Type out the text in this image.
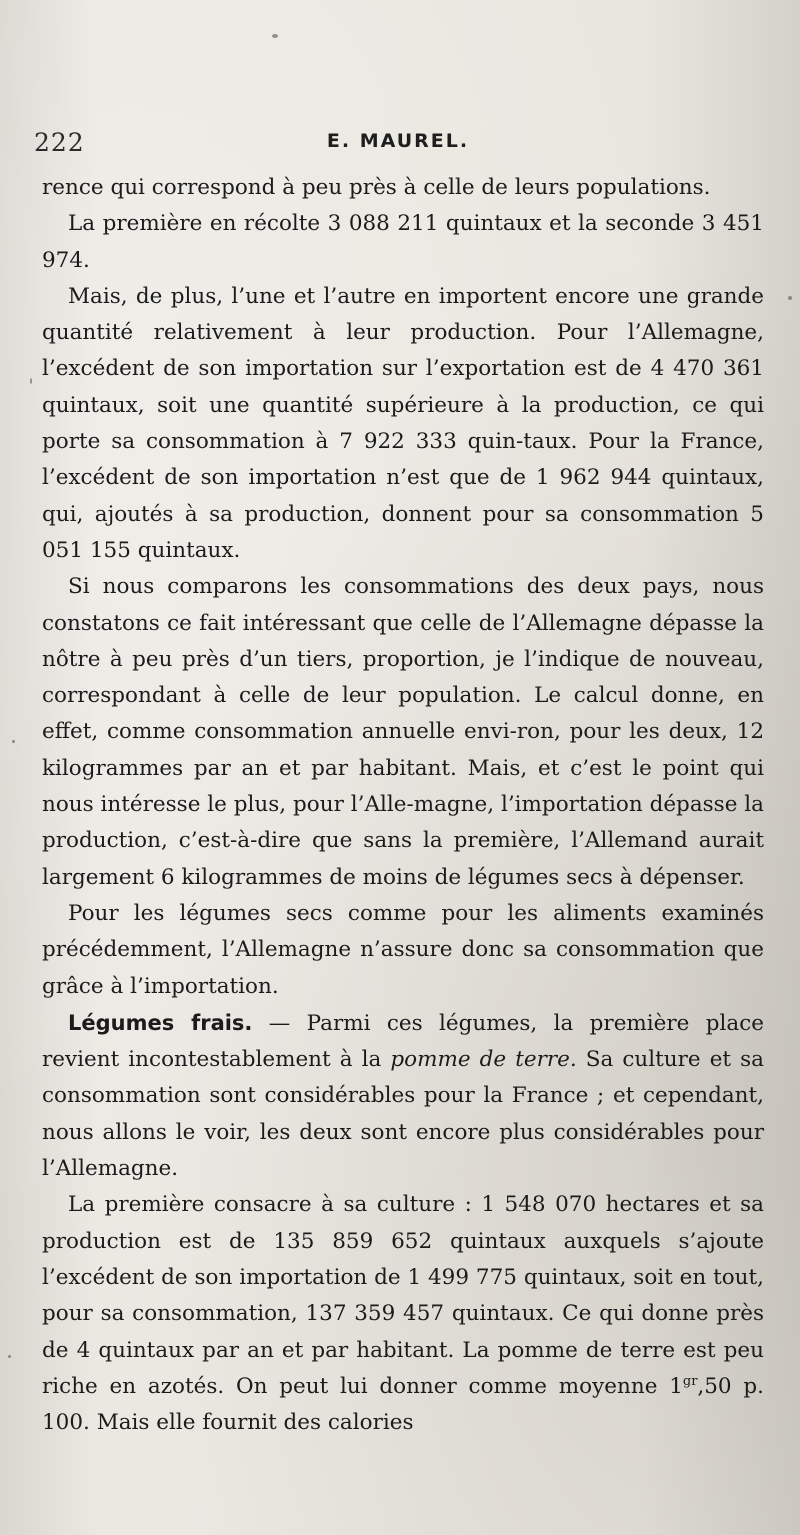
222	E. MAUREL.

rence qui correspond à peu près à celle de leurs populations.

La première en récolte 3 088 211 quintaux et la seconde 3 451 974.

Mais, de plus, l’une et l’autre en importent encore une grande quantité relativement à leur production. Pour l’Allemagne, l’excédent de son importation sur l’exportation est de 4 470 361 quintaux, soit une quantité supérieure à la production, ce qui porte sa consommation à 7 922 333 quin-taux. Pour la France, l’excédent de son importation n’est que de 1 962 944 quintaux, qui, ajoutés à sa production, donnent pour sa consommation 5 051 155 quintaux.

Si nous comparons les consommations des deux pays, nous constatons ce fait intéressant que celle de l’Allemagne dépasse la nôtre à peu près d’un tiers, proportion, je l’indique de nouveau, correspondant à celle de leur population. Le calcul donne, en effet, comme consommation annuelle envi-ron, pour les deux, 12 kilogrammes par an et par habitant. Mais, et c’est le point qui nous intéresse le plus, pour l’Alle-magne, l’importation dépasse la production, c’est-à-dire que sans la première, l’Allemand aurait largement 6 kilogrammes de moins de légumes secs à dépenser.

Pour les légumes secs comme pour les aliments examinés précédemment, l’Allemagne n’assure donc sa consommation que grâce à l’importation.

Légumes frais. — Parmi ces légumes, la première place revient incontestablement à la pomme de terre. Sa culture et sa consommation sont considérables pour la France ; et cependant, nous allons le voir, les deux sont encore plus considérables pour l’Allemagne.

La première consacre à sa culture : 1 548 070 hectares et sa production est de 135 859 652 quintaux auxquels s’ajoute l’excédent de son importation de 1 499 775 quintaux, soit en tout, pour sa consommation, 137 359 457 quintaux. Ce qui donne près de 4 quintaux par an et par habitant. La pomme de terre est peu riche en azotés. On peut lui donner comme moyenne $1^{gr},50$ p. 100. Mais elle fournit des calories
